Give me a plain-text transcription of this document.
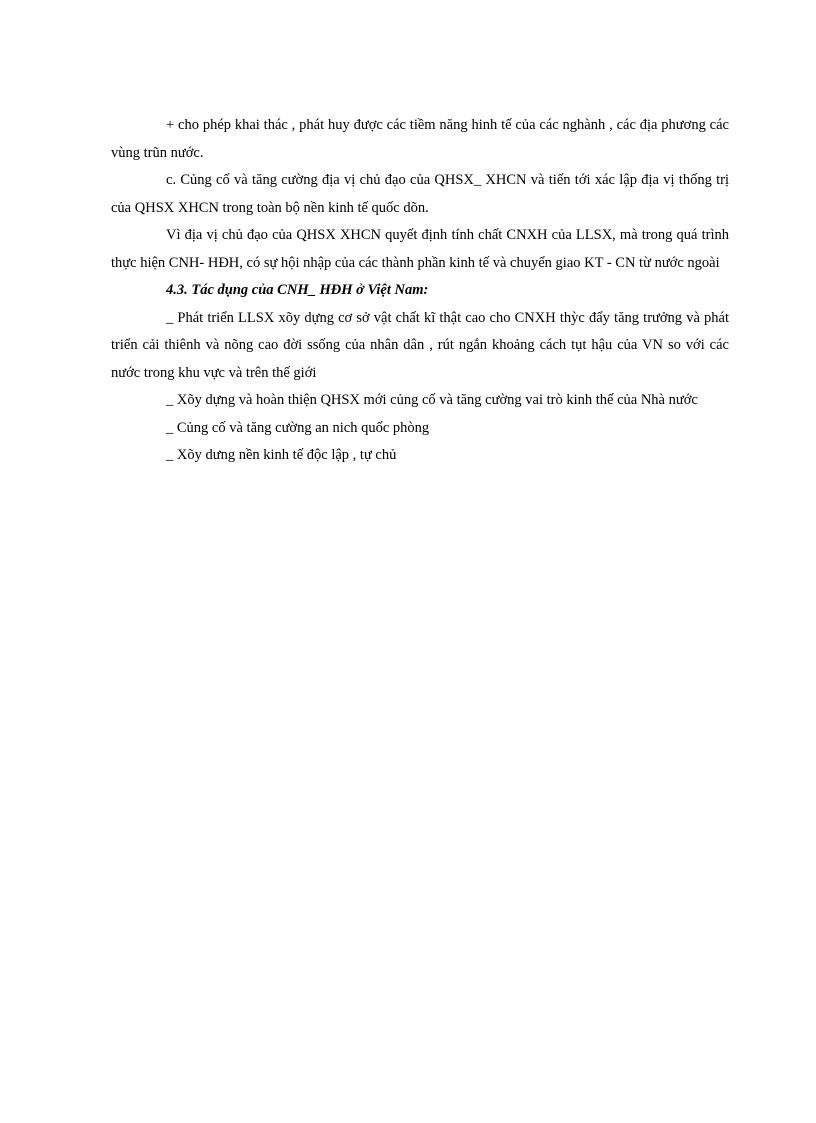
+ cho phép khai thác , phát huy được các tiềm năng hinh tế của các nghành , các địa phương các vùng trũn nước.

c. Củng cố và tăng cường địa vị chủ đạo của QHSX_ XHCN và tiến tới xác lập địa vị thống trị của QHSX XHCN trong toàn bộ nền kinh tế quốc dõn.

Vì địa vị chủ đạo của QHSX XHCN quyết định tính chất CNXH của LLSX, mà trong quá trình thực hiện CNH- HĐH, có sự hội nhập của các thành phần kinh tế và chuyển giao KT - CN từ nước ngoài

4.3. Tác dụng của CNH_ HĐH ở Việt Nam:

_ Phát triển LLSX xõy dựng cơ sở vật chất kĩ thật cao cho CNXH thỳc đẩy tăng trưởng và phát triển cải thiênh và nõng cao đời ssống của nhân dân , rút ngắn khoảng cách tụt hậu của VN so với các nước trong khu vực và trên thế giới

_ Xõy dựng và hoàn thiện QHSX mới củng cố và tăng cường vai trò kinh thế của Nhà nước

_ Củng cố và tăng cường an nich quốc phòng

_ Xõy dưng nền kinh tế độc lập , tự chủ
